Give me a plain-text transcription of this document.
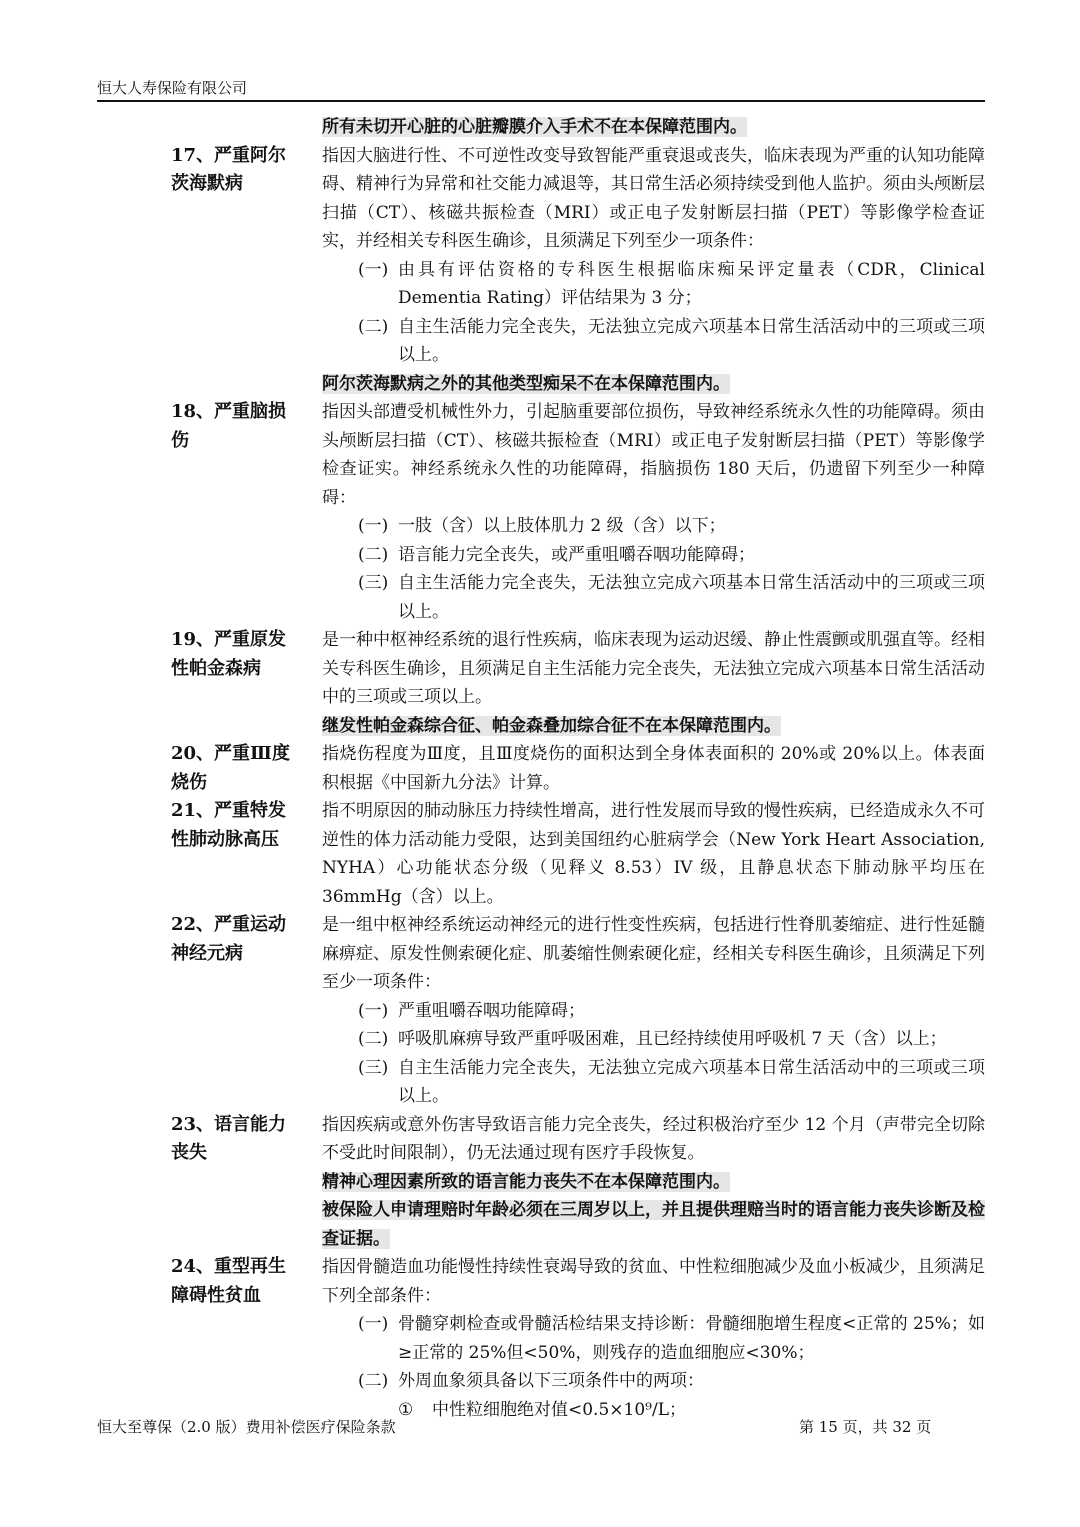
恒大人寿保险有限公司

所有未切开心脏的心脏瓣膜介入手术不在本保障范围内。

17、严重阿尔茨海默病

指因大脑进行性、不可逆性改变导致智能严重衰退或丧失，临床表现为严重的认知功能障碍、精神行为异常和社交能力减退等，其日常生活必须持续受到他人监护。须由头颅断层扫描（CT）、核磁共振检查（MRI）或正电子发射断层扫描（PET）等影像学检查证实，并经相关专科医生确诊，且须满足下列至少一项条件：

(一) 由具有评估资格的专科医生根据临床痴呆评定量表（CDR，Clinical Dementia Rating）评估结果为 3 分；
(二) 自主生活能力完全丧失，无法独立完成六项基本日常生活活动中的三项或三项以上。

阿尔茨海默病之外的其他类型痴呆不在本保障范围内。

18、严重脑损伤

指因头部遭受机械性外力，引起脑重要部位损伤，导致神经系统永久性的功能障碍。须由头颅断层扫描（CT）、核磁共振检查（MRI）或正电子发射断层扫描（PET）等影像学检查证实。神经系统永久性的功能障碍，指脑损伤 180 天后，仍遗留下列至少一种障碍：

(一) 一肢（含）以上肢体肌力 2 级（含）以下；
(二) 语言能力完全丧失，或严重咀嚼吞咽功能障碍；
(三) 自主生活能力完全丧失，无法独立完成六项基本日常生活活动中的三项或三项以上。
19、严重原发性帕金森病

是一种中枢神经系统的退行性疾病，临床表现为运动迟缓、静止性震颤或肌强直等。经相关专科医生确诊，且须满足自主生活能力完全丧失，无法独立完成六项基本日常生活活动中的三项或三项以上。

继发性帕金森综合征、帕金森叠加综合征不在本保障范围内。

20、严重Ⅲ度烧伤

指烧伤程度为Ⅲ度，且Ⅲ度烧伤的面积达到全身体表面积的 20%或 20%以上。体表面积根据《中国新九分法》计算。

21、严重特发性肺动脉高压

指不明原因的肺动脉压力持续性增高，进行性发展而导致的慢性疾病，已经造成永久不可逆性的体力活动能力受限，达到美国纽约心脏病学会（New York Heart Association, NYHA）心功能状态分级（见释义 8.53）IV 级，且静息状态下肺动脉平均压在 36mmHg（含）以上。

22、严重运动神经元病

是一组中枢神经系统运动神经元的进行性变性疾病，包括进行性脊肌萎缩症、进行性延髓麻痹症、原发性侧索硬化症、肌萎缩性侧索硬化症，经相关专科医生确诊，且须满足下列至少一项条件：

(一) 严重咀嚼吞咽功能障碍；
(二) 呼吸肌麻痹导致严重呼吸困难，且已经持续使用呼吸机 7 天（含）以上；
(三) 自主生活能力完全丧失，无法独立完成六项基本日常生活活动中的三项或三项以上。
23、语言能力丧失

指因疾病或意外伤害导致语言能力完全丧失，经过积极治疗至少 12 个月（声带完全切除不受此时间限制），仍无法通过现有医疗手段恢复。

精神心理因素所致的语言能力丧失不在本保障范围内。

被保险人申请理赔时年龄必须在三周岁以上，并且提供理赔当时的语言能力丧失诊断及检查证据。

24、重型再生障碍性贫血

指因骨髓造血功能慢性持续性衰竭导致的贫血、中性粒细胞减少及血小板减少，且须满足下列全部条件：

(一) 骨髓穿刺检查或骨髓活检结果支持诊断：骨髓细胞增生程度<正常的 25%；如≥正常的 25%但<50%，则残存的造血细胞应<30%；
(二) 外周血象须具备以下三项条件中的两项：
①	中性粒细胞绝对值<0.5×10⁹/L；
恒大至尊保（2.0 版）费用补偿医疗保险条款	第 15 页，共 32 页
